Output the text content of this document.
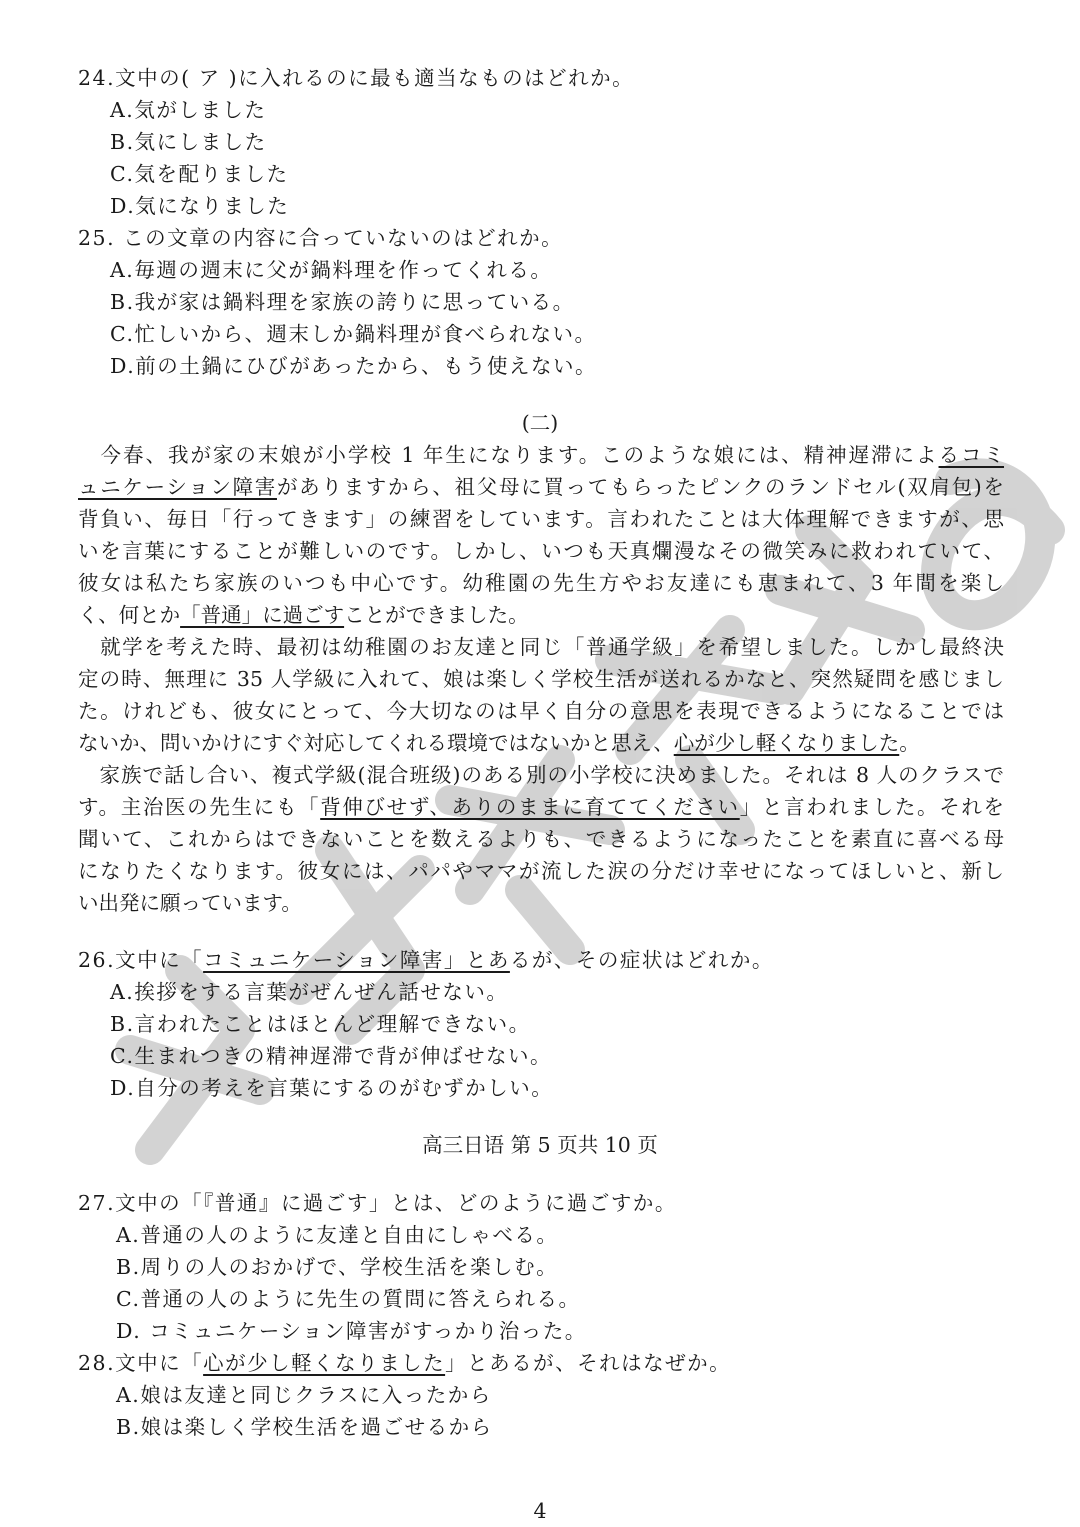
24.文中の( ア )に入れるのに最も適当なものはどれか。
A.気がしました
B.気にしました
C.気を配りました
D.気になりました
25. この文章の内容に合っていないのはどれか。
A.毎週の週末に父が鍋料理を作ってくれる。
B.我が家は鍋料理を家族の誇りに思っている。
C.忙しいから、週末しか鍋料理が食べられない。
D.前の土鍋にひびがあったから、もう使えない。
(二)
　今春、我が家の末娘が小学校 1 年生になります。このような娘には、精神遅滞によるコミ
ュニケーション障害がありますから、祖父母に買ってもらったピンクのランドセル(双肩包)を
背負い、毎日「行ってきます」の練習をしています。言われたことは大体理解できますが、思
いを言葉にすることが難しいのです。しかし、いつも天真爛漫なその微笑みに救われていて、
彼女は私たち家族のいつも中心です。幼稚園の先生方やお友達にも恵まれて、3 年間を楽し
く、何とか「普通」に過ごすことができました。
　就学を考えた時、最初は幼稚園のお友達と同じ「普通学級」を希望しました。しかし最終決
定の時、無理に 35 人学級に入れて、娘は楽しく学校生活が送れるかなと、突然疑問を感じまし
た。けれども、彼女にとって、今大切なのは早く自分の意思を表現できるようになることでは
ないか、問いかけにすぐ対応してくれる環境ではないかと思え、心が少し軽くなりました。
　家族で話し合い、複式学級(混合班级)のある別の小学校に決めました。それは 8 人のクラスで
す。主治医の先生にも「背伸びせず、ありのままに育ててください」と言われました。それを
聞いて、これからはできないことを数えるよりも、できるようになったことを素直に喜べる母
になりたくなります。彼女には、パパやママが流した涙の分だけ幸せになってほしいと、新し
い出発に願っています。
26.文中に「コミュニケーション障害」とあるが、その症状はどれか。
A.挨拶をする言葉がぜんぜん話せない。
B.言われたことはほとんど理解できない。
C.生まれつきの精神遅滞で背が伸ばせない。
D.自分の考えを言葉にするのがむずかしい。
高三日语 第 5 页共 10 页
27.文中の「『普通』に過ごす」とは、どのように過ごすか。
A.普通の人のように友達と自由にしゃべる。
B.周りの人のおかげで、学校生活を楽しむ。
C.普通の人のように先生の質問に答えられる。
D. コミュニケーション障害がすっかり治った。
28.文中に「心が少し軽くなりました」とあるが、それはなぜか。
A.娘は友達と同じクラスに入ったから
B.娘は楽しく学校生活を過ごせるから
4
